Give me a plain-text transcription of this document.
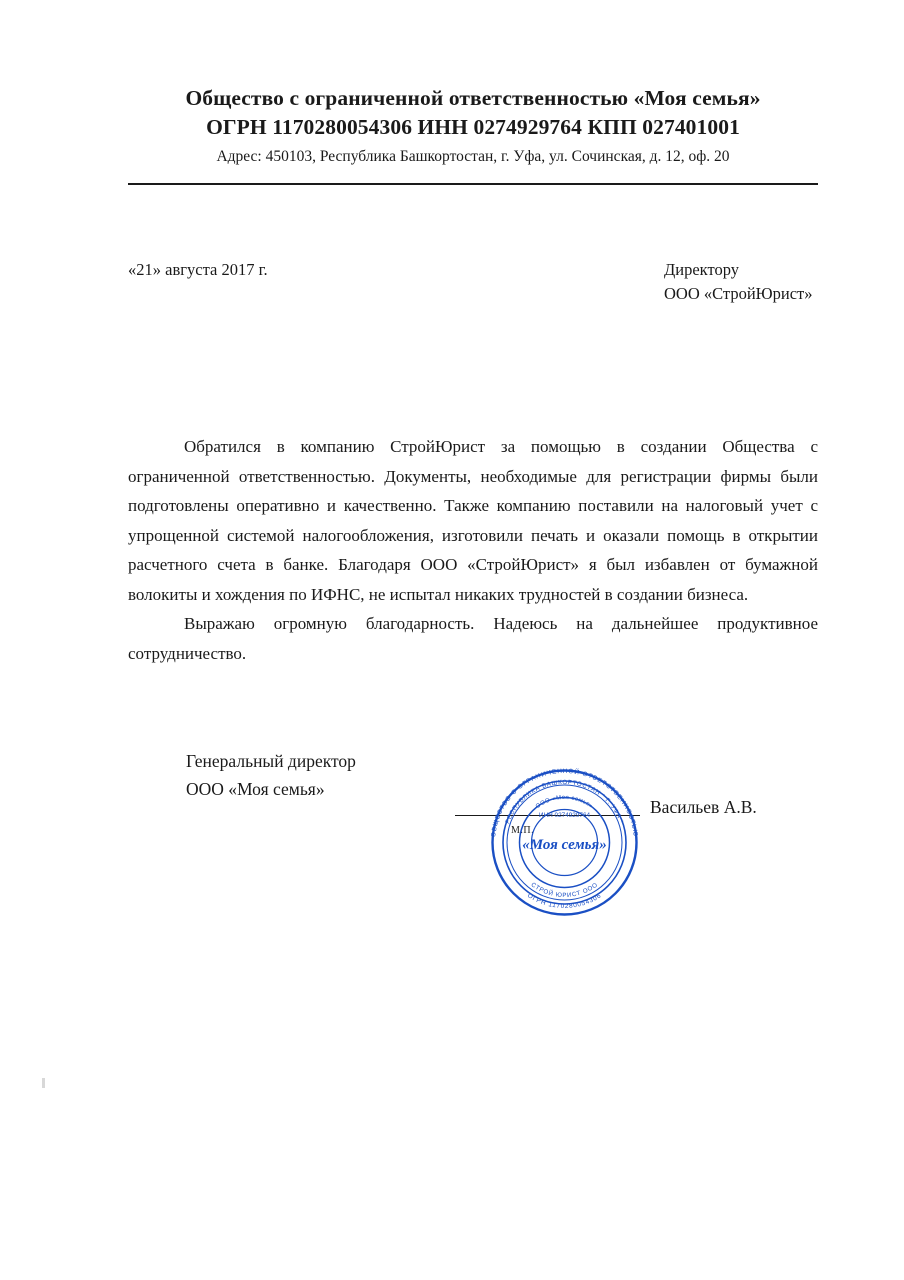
Общество с ограниченной ответственностью «Моя семья»
ОГРН 1170280054306 ИНН 0274929764 КПП 027401001
Адрес: 450103, Республика Башкортостан, г. Уфа, ул. Сочинская, д. 12, оф. 20
«21» августа 2017 г.	Директору
ООО «СтройЮрист»

Обратился в компанию СтройЮрист за помощью в создании Общества с ограниченной ответственностью. Документы, необходимые для регистрации фирмы были подготовлены оперативно и качественно. Также компанию поставили на налоговый учет с упрощенной системой налогообложения, изготовили печать и оказали помощь в открытии расчетного счета в банке. Благодаря ООО «СтройЮрист» я был избавлен от бумажной волокиты и хождения по ИФНС, не испытал никаких трудностей в создании бизнеса.

Выражаю огромную благодарность. Надеюсь на дальнейшее продуктивное сотрудничество.

Генеральный директор
ООО «Моя семья»
М.П.
Васильев А.В.
ОБЩЕСТВО С ОГРАНИЧЕННОЙ ОТВЕТСТВЕННОСТЬЮ
ОГРН 1170280054306
РЕСПУБЛИКА БАШКОРТОСТАН * Г. УФА *
СТРОЙ ЮРИСТ ООО
ООО «Моя семья»
ИНН 0274929764
«Моя семья»
